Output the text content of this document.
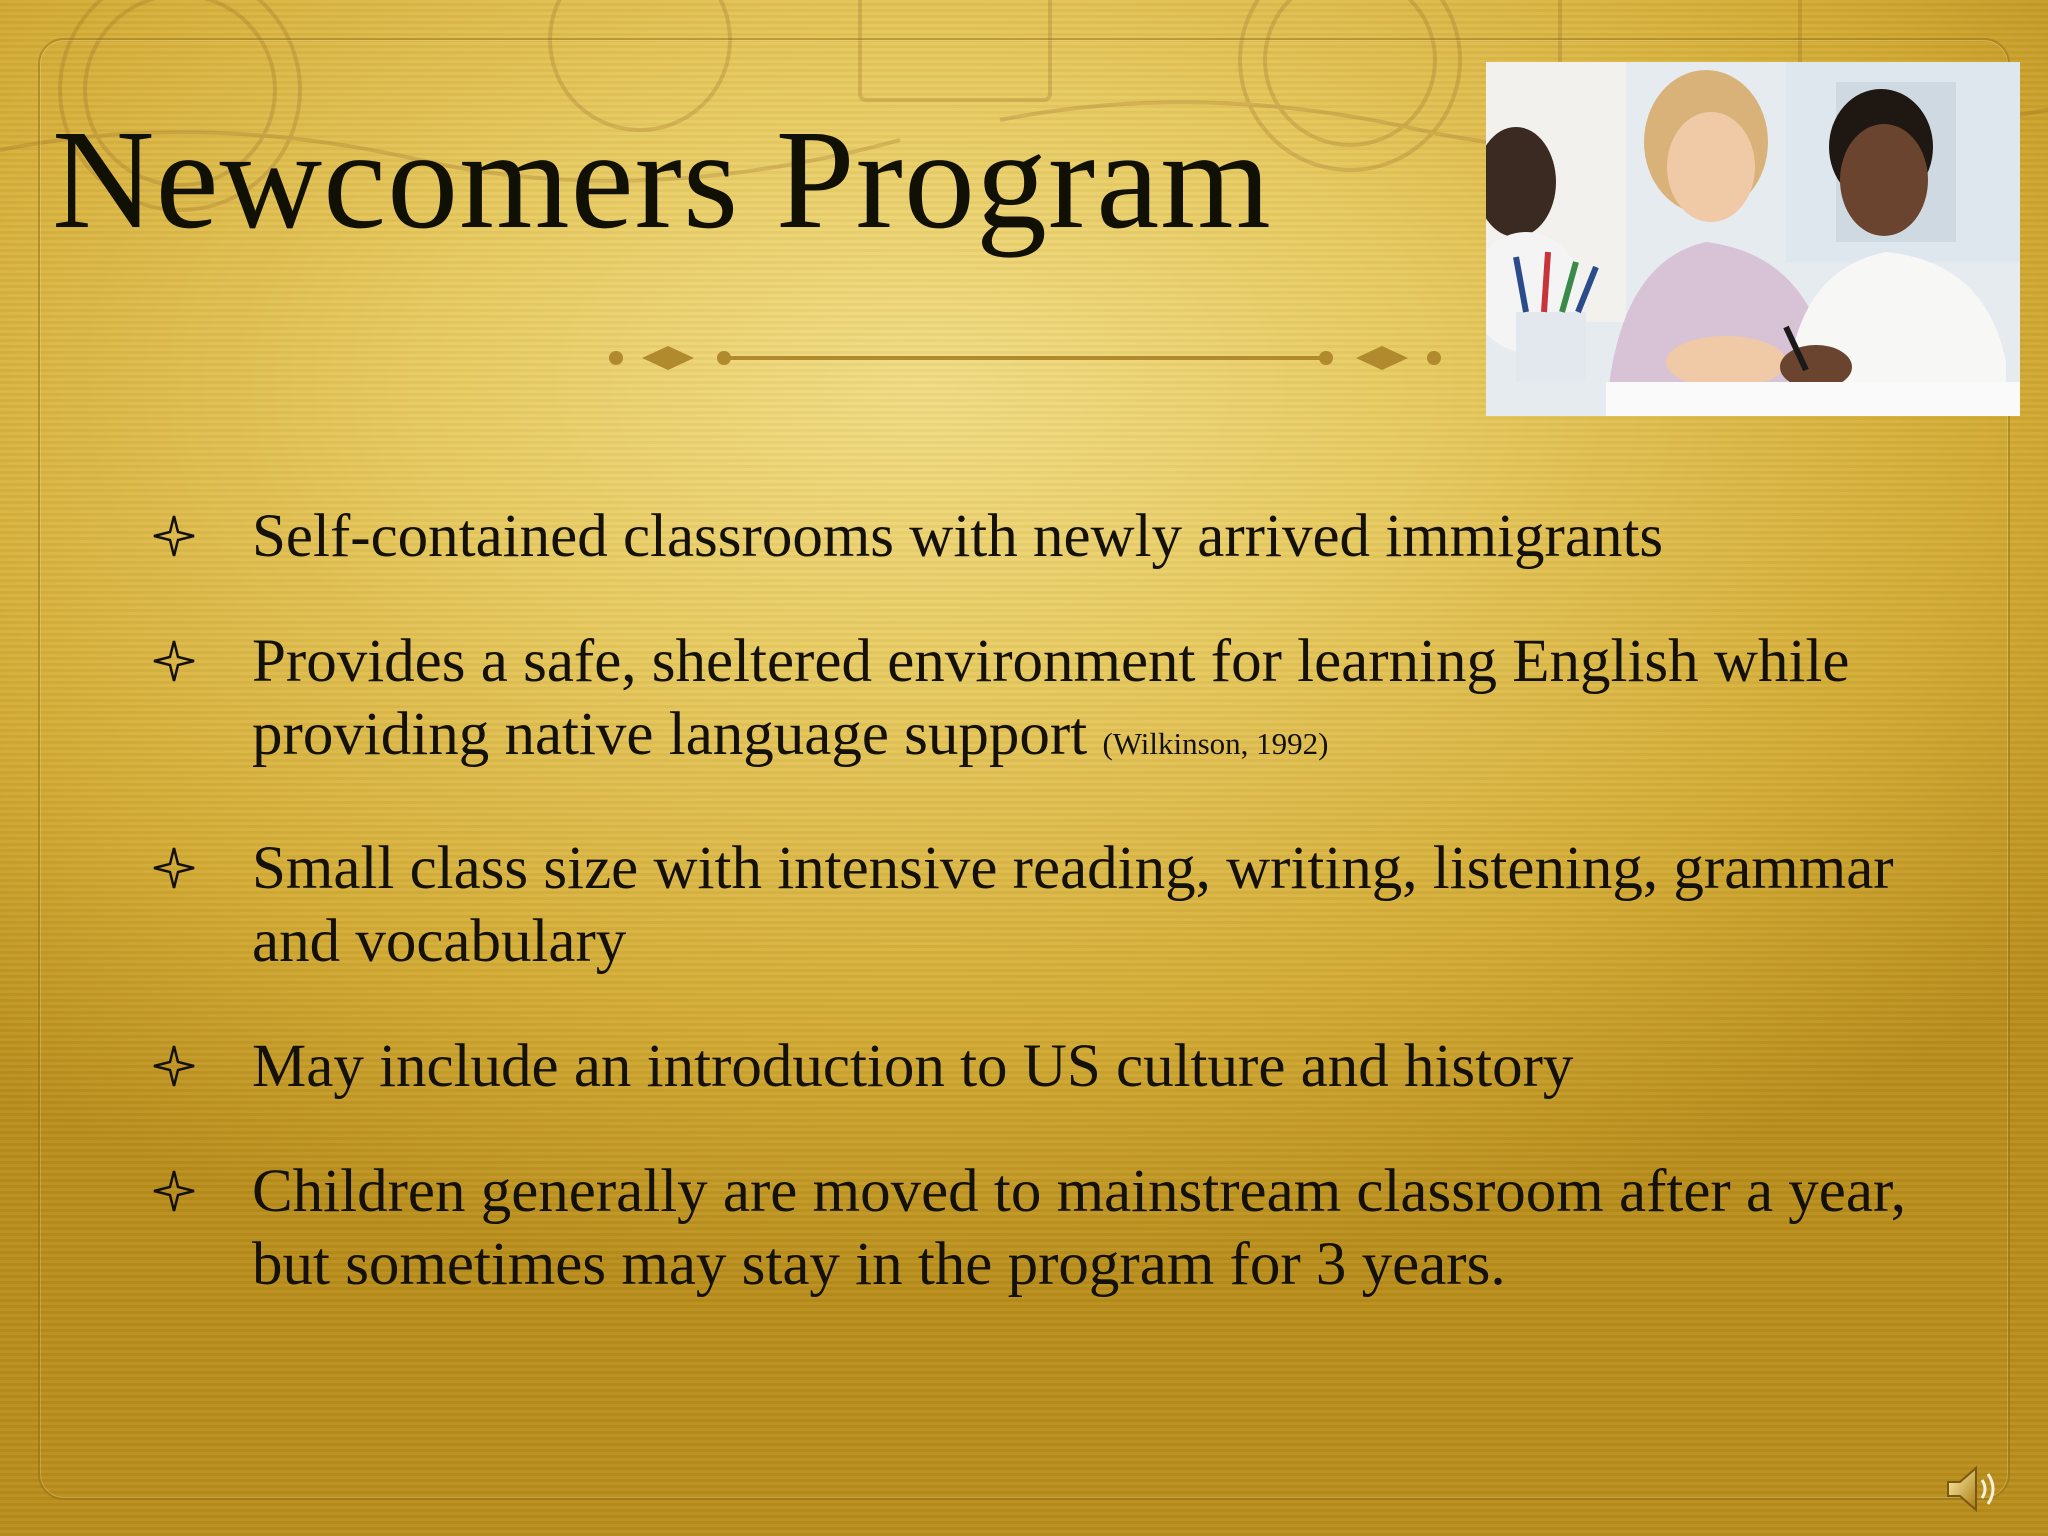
Newcomers Program
Self-contained classrooms with newly arrived immigrants
Provides a safe, sheltered environment for learning English while providing native language support (Wilkinson, 1992)
Small class size with intensive reading, writing, listening, grammar and vocabulary
May include an introduction to US culture and history
Children generally are moved to mainstream classroom after a year, but sometimes may stay in the program for 3 years.
